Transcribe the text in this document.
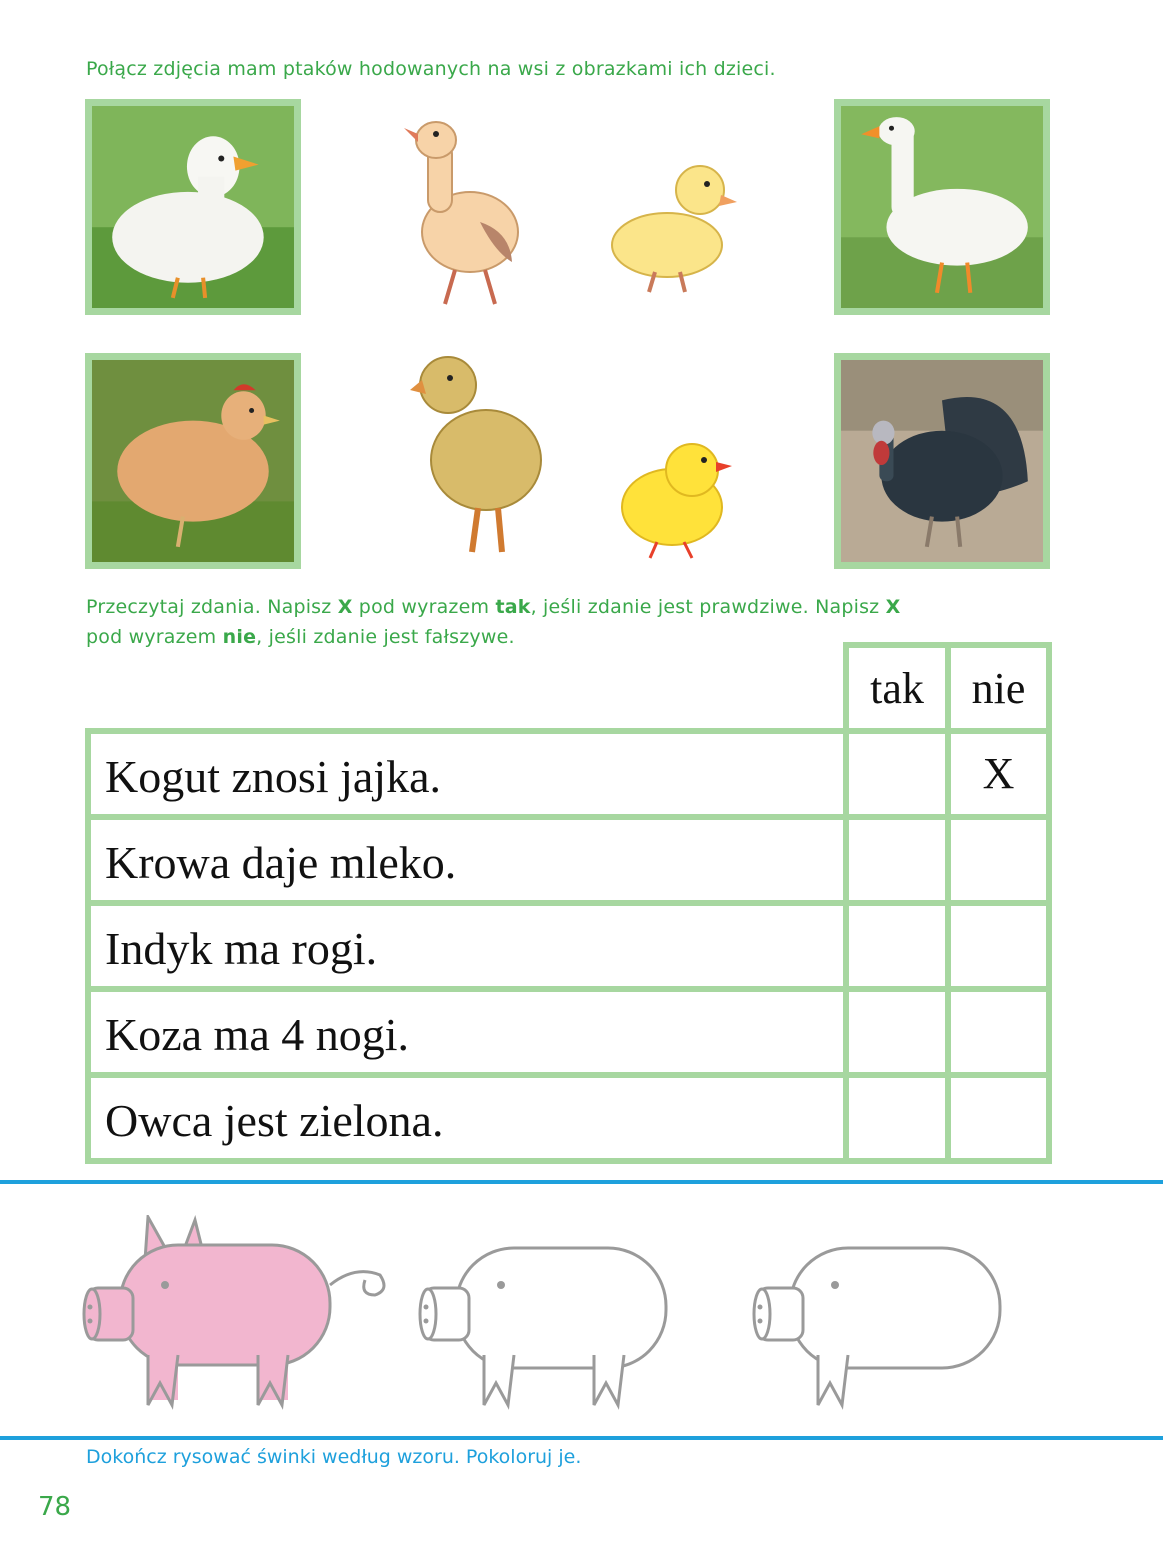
Połącz zdjęcia mam ptaków hodowanych na wsi z obrazkami ich dzieci.
Przeczytaj zdania. Napisz X pod wyrazem tak, jeśli zdanie jest prawdziwe. Napisz X
pod wyrazem nie, jeśli zdanie jest fałszywe.
tak	nie
Kogut znosi jajka.	X
Krowa daje mleko.
Indyk ma rogi.
Koza ma 4 nogi.
Owca jest zielona.
Dokończ rysować świnki według wzoru. Pokoloruj je.
78
